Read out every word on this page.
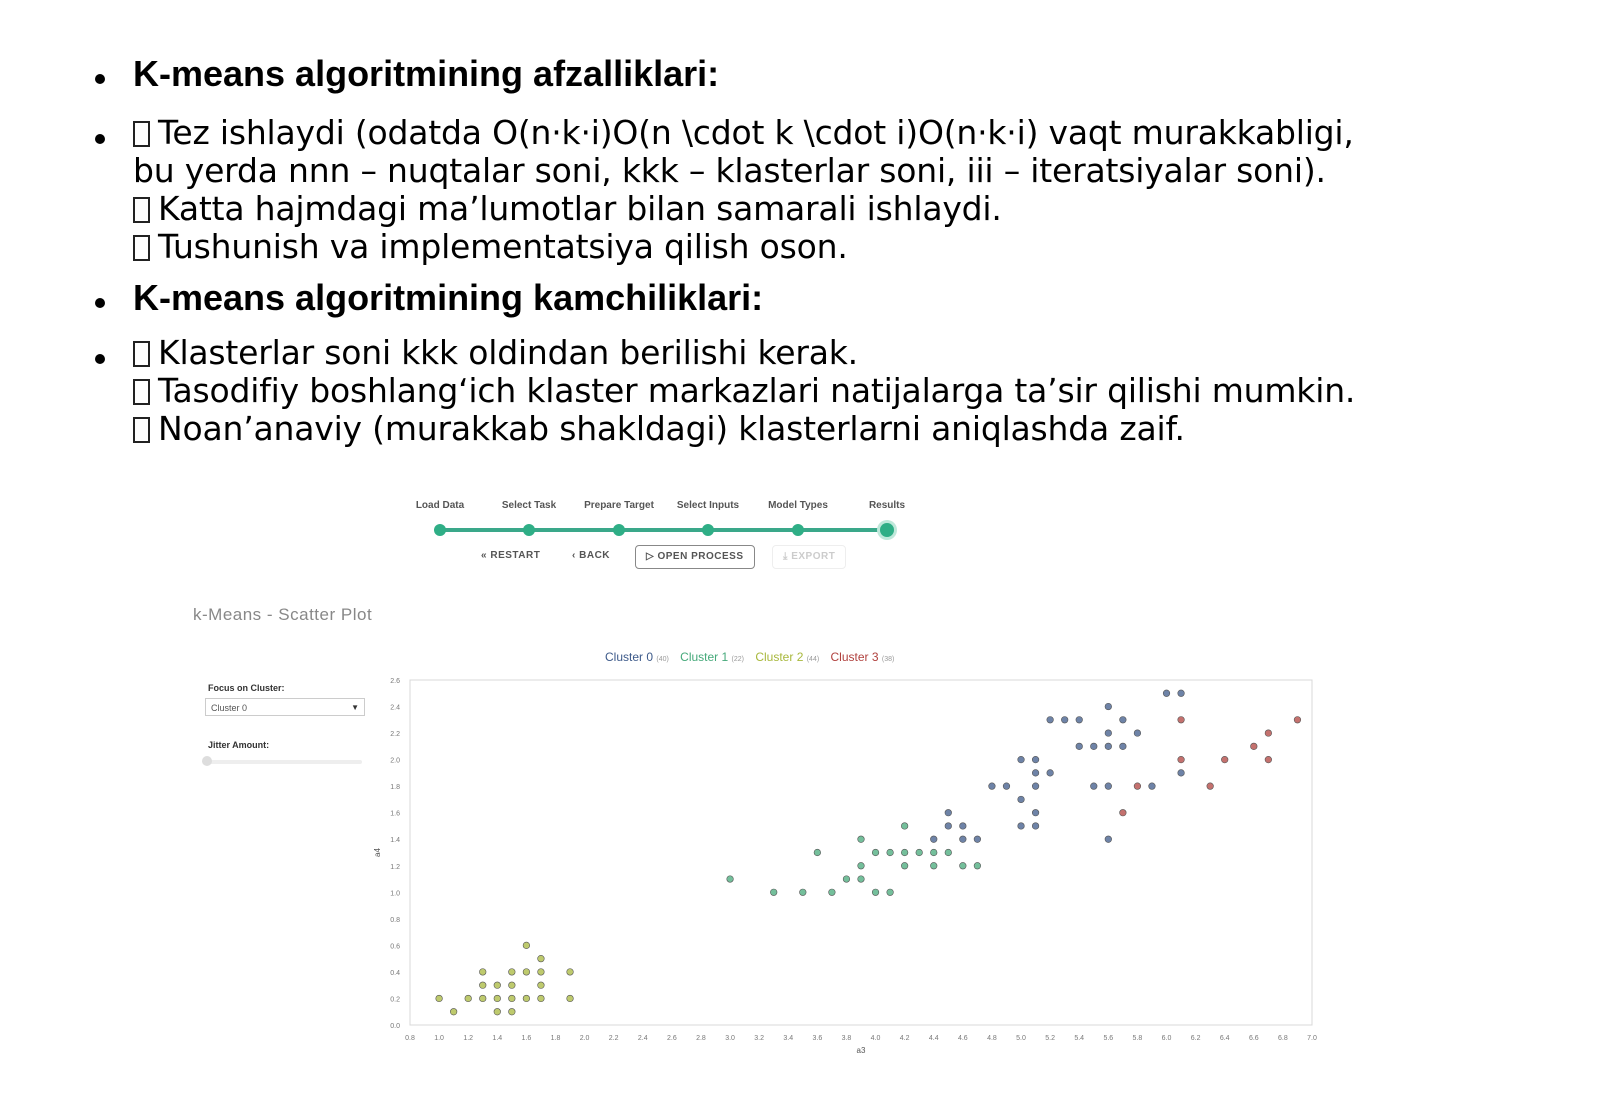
K-means algoritmining afzalliklari:
Tez ishlaydi (odatda O(n·k·i)O(n \cdot k \cdot i)O(n·k·i) vaqt murakkabligi,
bu yerda nnn – nuqtalar soni, kkk – klasterlar soni, iii – iteratsiyalar soni).
Katta hajmdagi ma’lumotlar bilan samarali ishlaydi.
Tushunish va implementatsiya qilish oson.
K-means algoritmining kamchiliklari:
Klasterlar soni kkk oldindan berilishi kerak.
Tasodifiy boshlang‘ich klaster markazlari natijalarga ta’sir qilishi mumkin.
Noan’anaviy (murakkab shakldagi) klasterlarni aniqlashda zaif.
Load Data	Select Task	Prepare Target Select Inputs	Model Types	Results
« RESTART	‹ BACK	▷ OPEN PROCESS	⤓ EXPORT
k-Means - Scatter Plot
Cluster 0 (40) Cluster 1 (22) Cluster 2 (44) Cluster 3 (38)
Focus on Cluster:
Cluster 0	▼
Jitter Amount:
0.8	1.0	1.2	1.4	1.6	1.8	2.0	2.2	2.4	2.6	2.8	3.0	3.2	3.4	3.6	3.8	4.0	4.2	4.4	4.6	4.8	5.0	5.2	5.4	5.6	5.8	6.0	6.2	6.4	6.6	6.8	7.0
0.0
0.2
0.4
0.6
0.8
1.0
1.2
1.4
1.6
1.8
2.0
2.2
2.4
2.6
a3
a4
